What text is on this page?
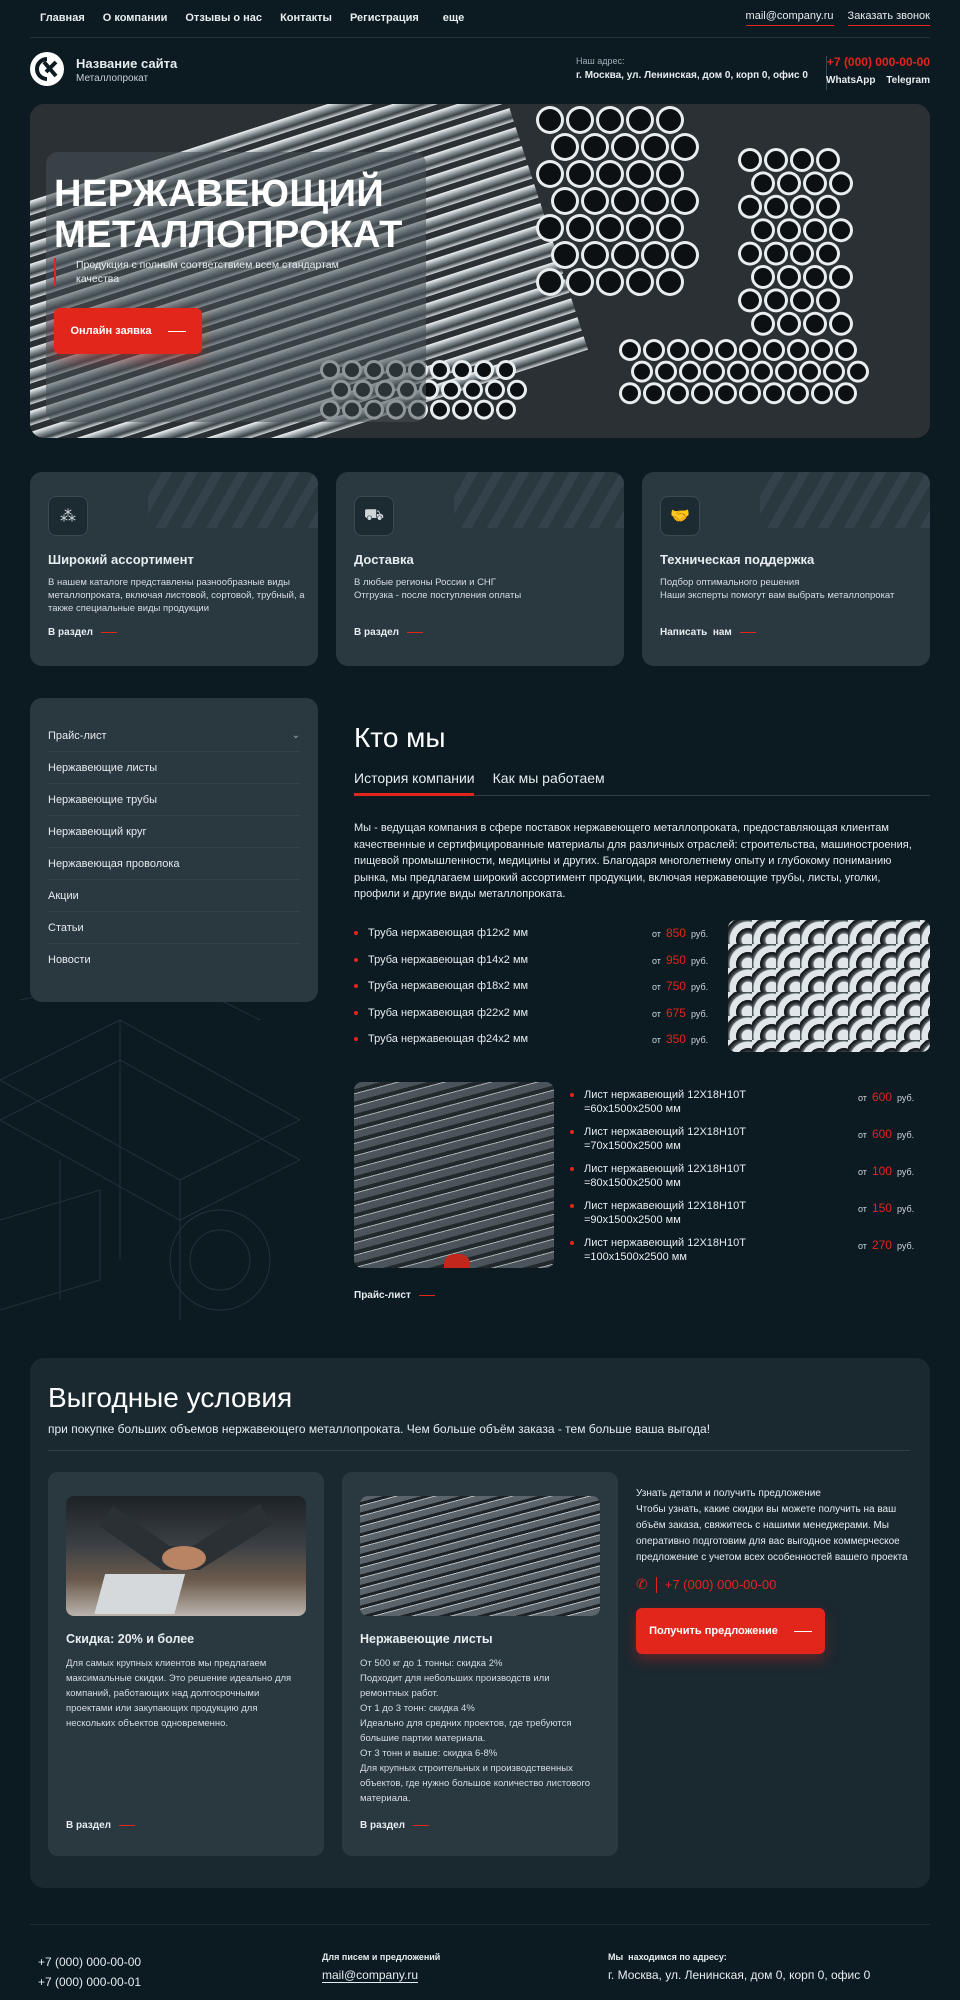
Главная О компании Отзывы о нас Контакты Регистрация еще	mail@company.ru Заказать звонок
Название сайта
Металлопрокат
Наш адрес:
г. Москва, ул. Ленинская, дом 0, корп 0, офис 0
+7 (000) 000-00-00
WhatsApp Telegram
НЕРЖАВЕЮЩИЙ
МЕТАЛЛОПРОКАТ
Продукция с полным соответствием всем стандартам качества
Онлайн заявка
⁂
Широкий ассортимент
В нашем каталоге представлены разнообразные виды металлопроката, включая листовой, сортовой, трубный, а также специальные виды продукции
В раздел
⛟
Доставка
В любые регионы России и СНГ
Отгрузка - после поступления оплаты
В раздел
🤝
Техническая поддержка
Подбор оптимального решения
Наши эксперты помогут вам выбрать металлопрокат
Написать  нам
Прайс-лист	⌄
Нержавеющие листы
Нержавеющие трубы
Нержавеющий круг
Нержавеющая проволока
Акции
Статьи
Новости
Кто мы
История компании Как мы работаем
Мы - ведущая компания в сфере поставок нержавеющего металлопроката, предоставляющая клиентам качественные и сертифицированные материалы для различных отраслей: строительства, машиностроения, пищевой промышленности, медицины и других. Благодаря многолетнему опыту и глубокому пониманию рынка, мы предлагаем широкий ассортимент продукции, включая нержавеющие трубы, листы, уголки, профили и другие виды металлопроката.
Труба нержавеющая ф12х2 мм	от 850 руб.
Труба нержавеющая ф14х2 мм	от 950 руб.
Труба нержавеющая ф18х2 мм	от 750 руб.
Труба нержавеющая ф22х2 мм	от 675 руб.
Труба нержавеющая ф24х2 мм	от 350 руб.
Лист нержавеющий 12Х18Н10Т
=60х1500х2500 мм
от 600 руб.
Лист нержавеющий 12Х18Н10Т
=70х1500х2500 мм
от 600 руб.
Лист нержавеющий 12Х18Н10Т
=80х1500х2500 мм
от 100 руб.
Лист нержавеющий 12Х18Н10Т
=90х1500х2500 мм
от 150 руб.
Лист нержавеющий 12Х18Н10Т
=100х1500х2500 мм
от 270 руб.
Прайс-лист
Выгодные условия
при покупке больших объемов нержавеющего металлопроката. Чем больше объём заказа - тем больше ваша выгода!
Скидка: 20% и более
Для самых крупных клиентов мы предлагаем максимальные скидки. Это решение идеально для компаний, работающих над долгосрочными проектами или закупающих продукцию для нескольких объектов одновременно.
В раздел
Нержавеющие листы
От 500 кг до 1 тонны: скидка 2%
Подходит для небольших производств или ремонтных работ.
От 1 до 3 тонн: скидка 4%
Идеально для средних проектов, где требуются большие партии материала.
От 3 тонн и выше: скидка 6-8%
Для крупных строительных и производственных объектов, где нужно большое количество листового материала.
В раздел
Узнать детали и получить предложение
Чтобы узнать, какие скидки вы можете получить на ваш объём заказа, свяжитесь с нашими менеджерами. Мы оперативно подготовим для вас выгодное коммерческое предложение с учетом всех особенностей вашего проекта
✆ +7 (000) 000-00-00
Получить предложение
+7 (000) 000-00-00
+7 (000) 000-00-01
Для писем и предложений
mail@company.ru
Мы  находимся по адресу:
г. Москва, ул. Ленинская, дом 0, корп 0, офис 0
